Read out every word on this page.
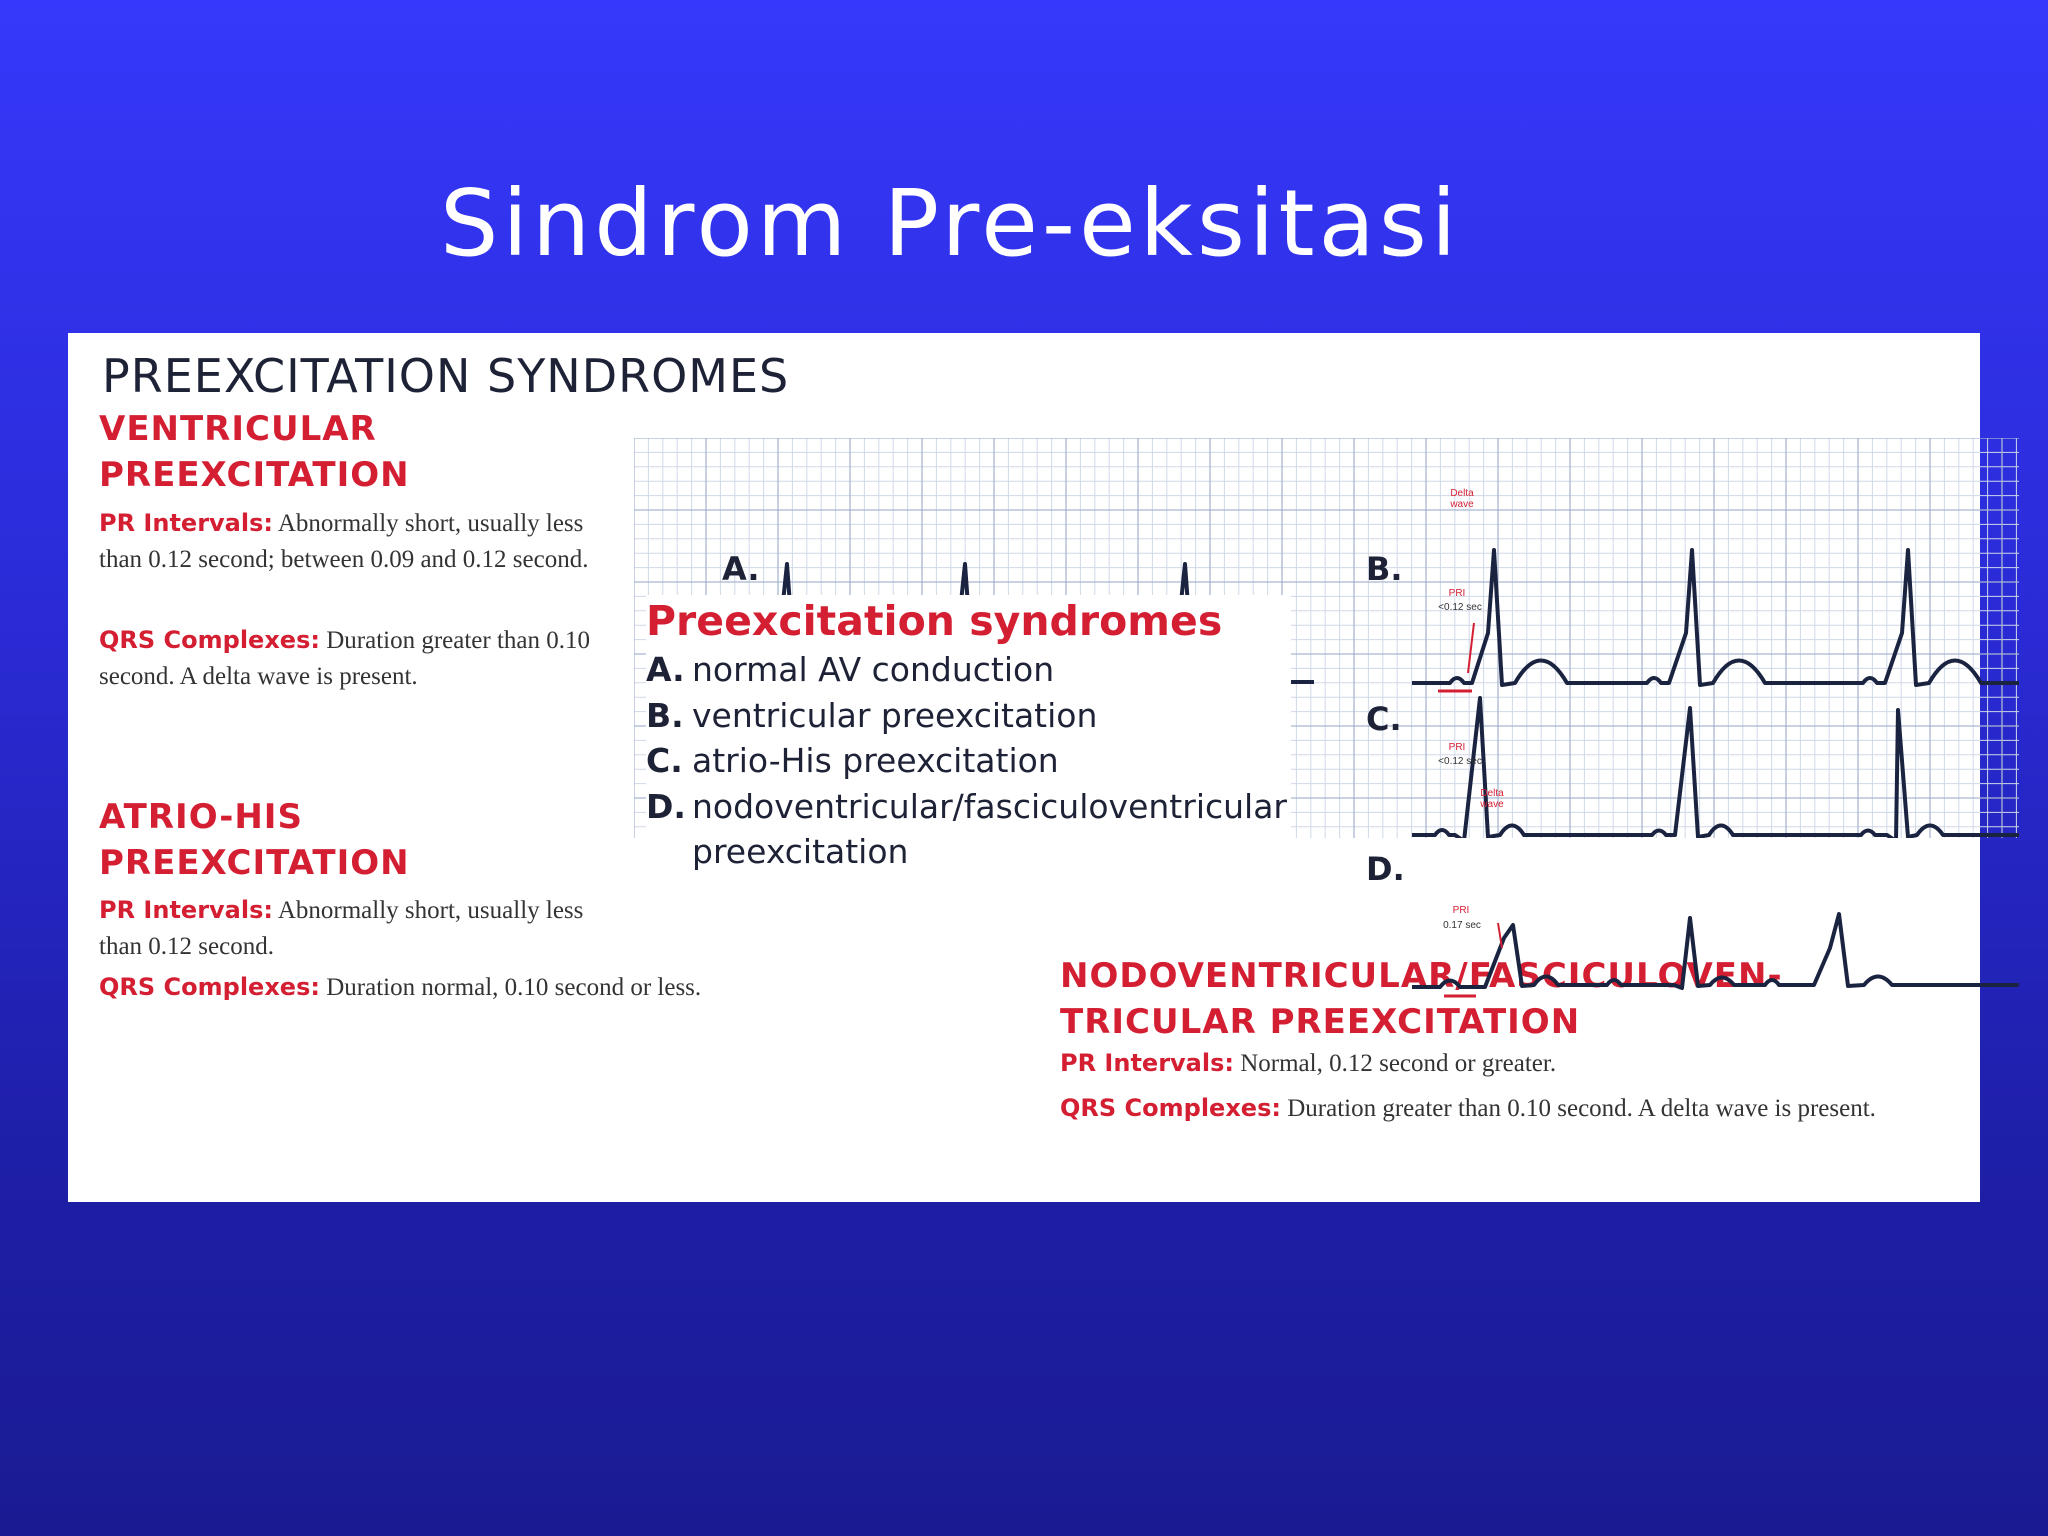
Sindrom Pre-eksitasi
PREEXCITATION SYNDROMES
VENTRICULAR
PREEXCITATION
PR Intervals: Abnormally short, usually less than 0.12 second; between 0.09 and 0.12 second.
QRS Complexes: Duration greater than 0.10 second. A delta wave is present.
ATRIO-HIS
PREEXCITATION
PR Intervals: Abnormally short, usually less than 0.12 second.
QRS Complexes: Duration normal, 0.10 second or less.	NODOVENTRICULAR/FASCICULOVEN-
TRICULAR PREEXCITATION
PR Intervals: Normal, 0.12 second or greater.
QRS Complexes: Duration greater than 0.10 second. A delta wave is present.
A.	B.
C.
D.
Delta wave
PRI
<0.12 sec
PRI
<0.12 sec
Delta wave
PRI
0.17 sec
Preexcitation syndromes
A. normal AV conduction
B. ventricular preexcitation
C. atrio-His preexcitation
D. nodoventricular/fasciculoventricular
preexcitation
